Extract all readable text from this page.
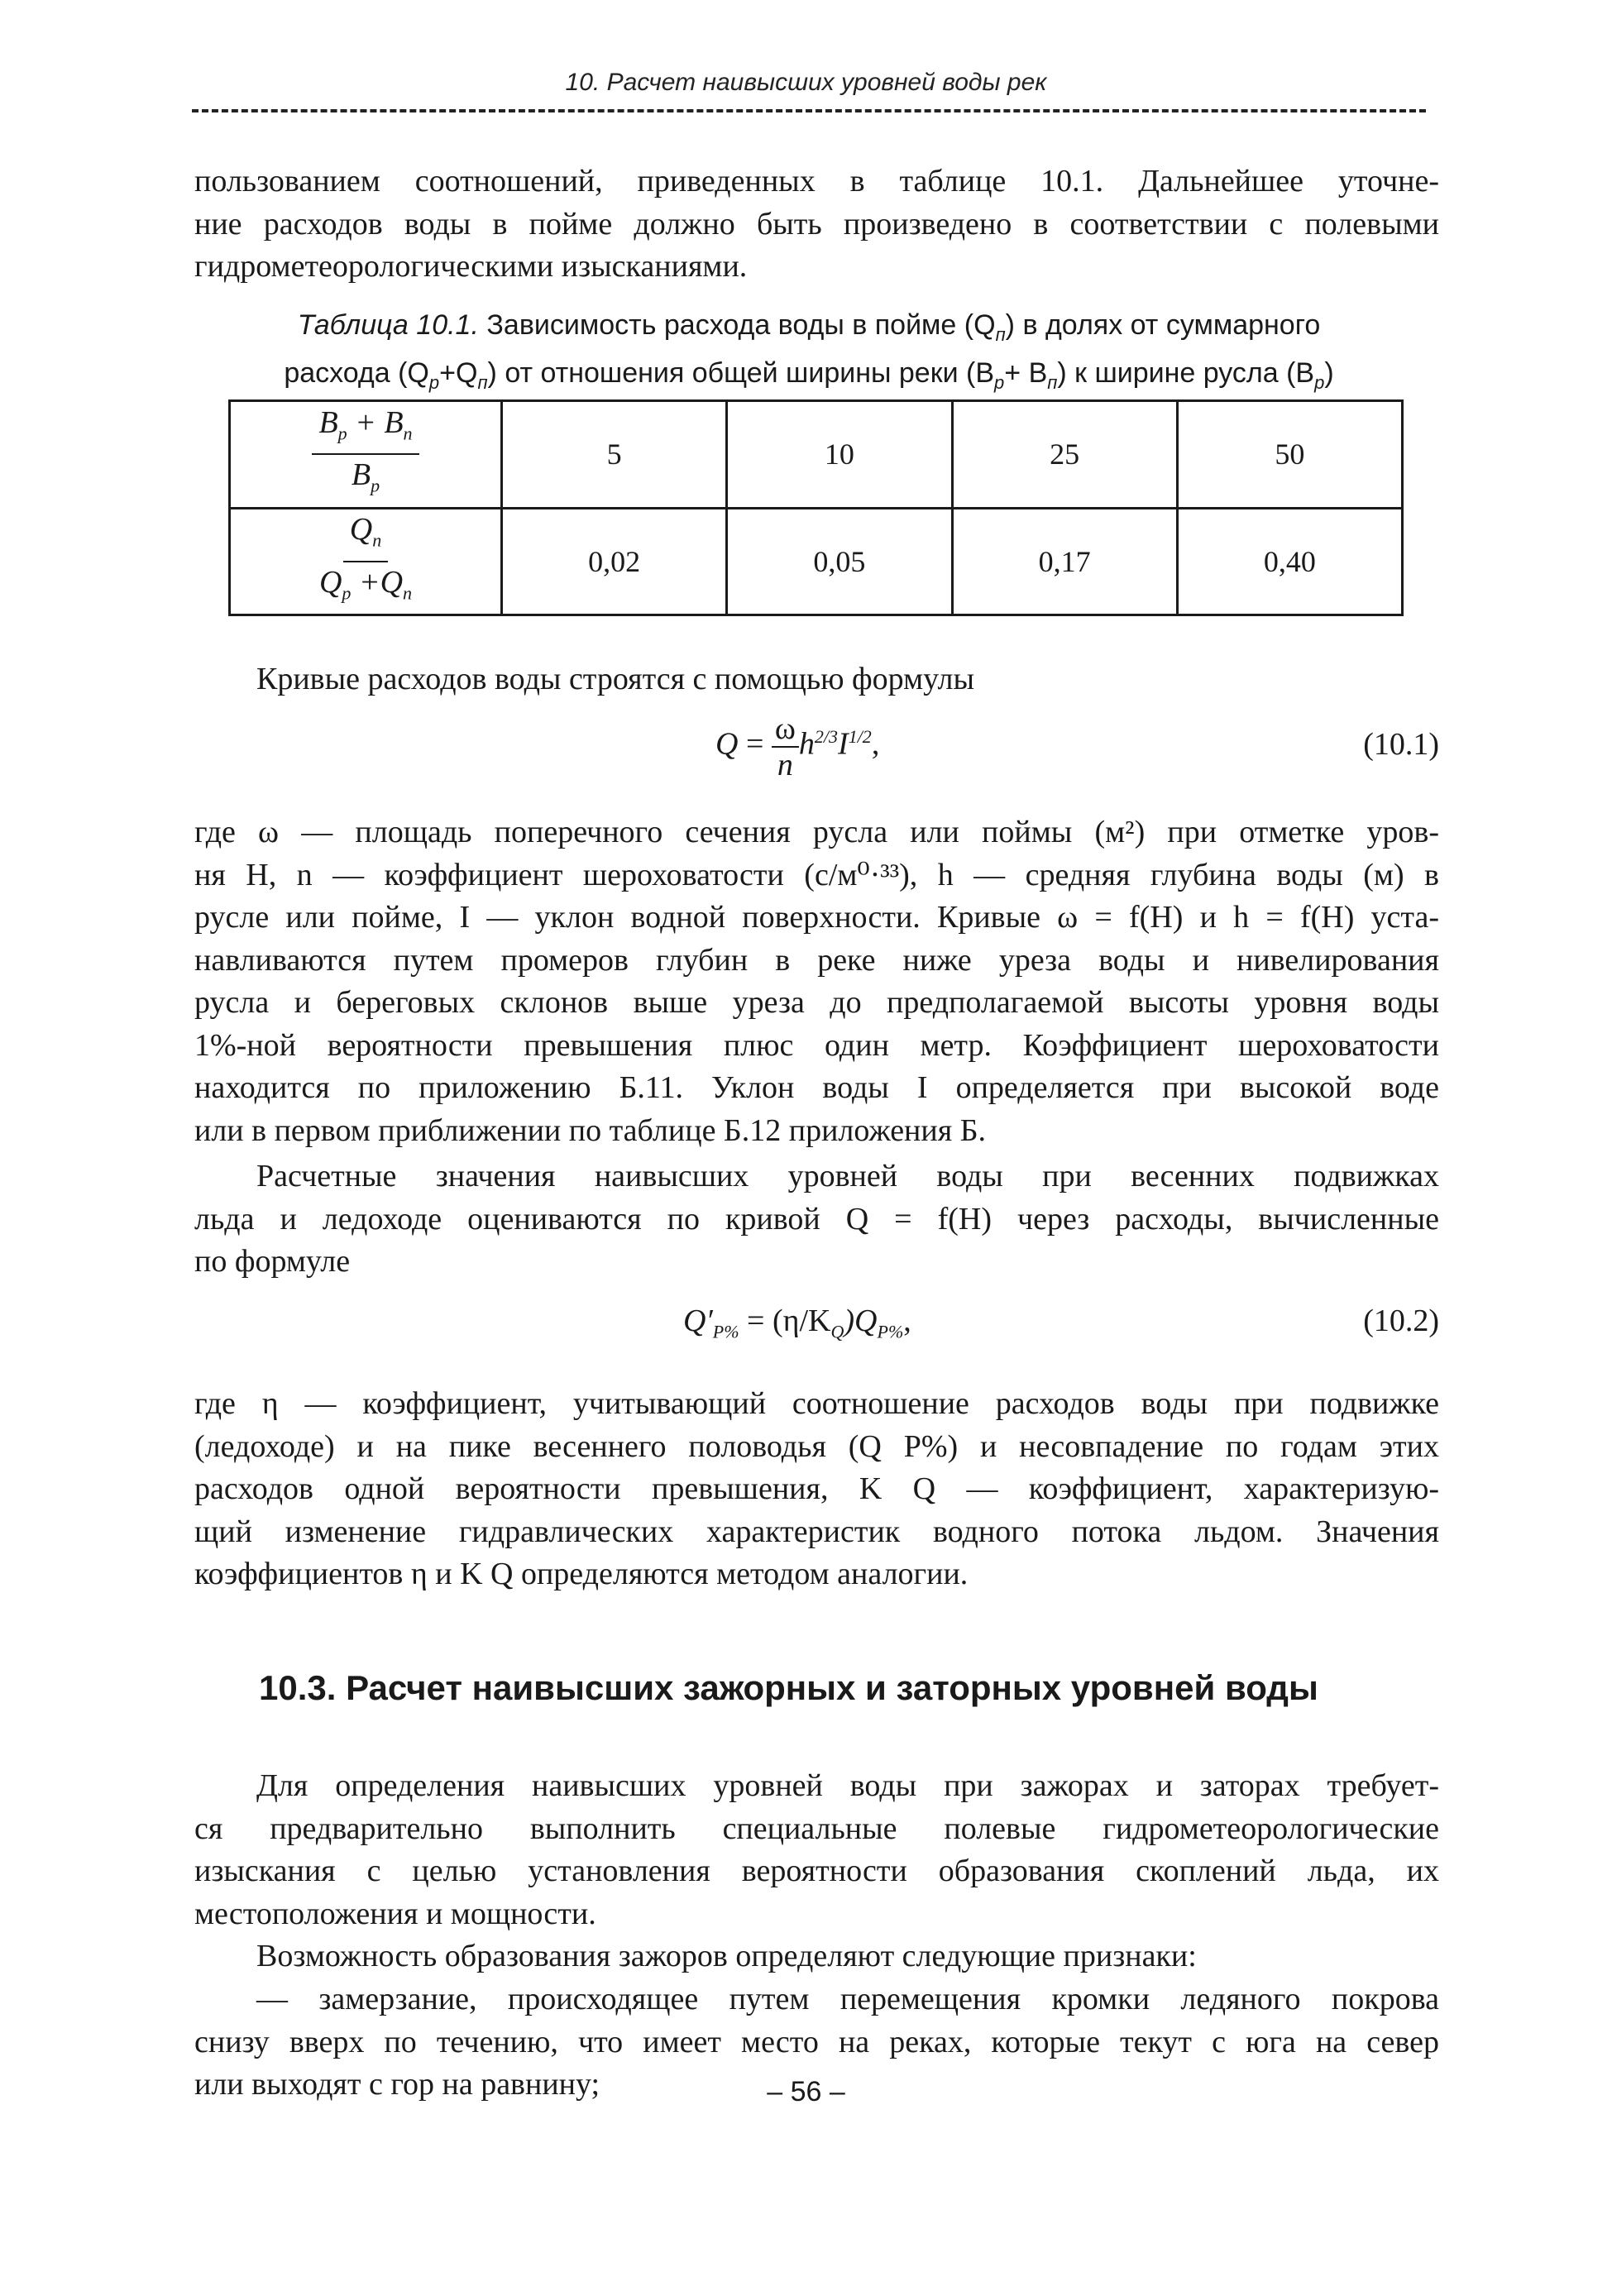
10. Расчет наивысших уровней воды рек

пользованием соотношений, приведенных в таблице 10.1. Дальнейшее уточне-

ние расходов воды в пойме должно быть произведено в соответствии с полевыми

гидрометеорологическими изысканиями.

Таблица 10.1. Зависимость расхода воды в пойме $(Q_п)$ в долях от суммарного
расхода $(Q_р+Q_п)$ от отношения общей ширины реки $(B_р+ B_п)$ к ширине русла $(B_р)$
$\frac{B_р + B_п}{B_р}$	5	10	25	50

$\frac{Q_п}{Q_р +Q_п}$	0,02	0,05	0,17	0,40
Кривые расходов воды строятся с помощью формулы
$Q = \frac{\omega}{n} h^{2/3}I^{1/2}$,	(10.1)

где ω — площадь поперечного сечения русла или поймы (м²) при отметке уров-

ня H, n — коэффициент шероховатости (с/м⁰·³³), h — средняя глубина воды (м) в

русле или пойме, I — уклон водной поверхности. Кривые ω = f(H) и h = f(H) уста-

навливаются путем промеров глубин в реке ниже уреза воды и нивелирования

русла и береговых склонов выше уреза до предполагаемой высоты уровня воды

1%-ной вероятности превышения плюс один метр. Коэффициент шероховатости

находится по приложению Б.11. Уклон воды I определяется при высокой воде

или в первом приближении по таблице Б.12 приложения Б.

Расчетные значения наивысших уровней воды при весенних подвижках

льда и ледоходе оцениваются по кривой Q = f(H) через расходы, вычисленные

по формуле

$Q'_{P\%} = (\eta/K_Q)Q_{P\%}$,	(10.2)

где η — коэффициент, учитывающий соотношение расходов воды при подвижке

(ледоходе) и на пике весеннего половодья (Q P%) и несовпадение по годам этих

расходов одной вероятности превышения, K Q — коэффициент, характеризую-

щий изменение гидравлических характеристик водного потока льдом. Значения

коэффициентов η и K Q определяются методом аналогии.

10.3. Расчет наивысших зажорных и заторных уровней воды

Для определения наивысших уровней воды при зажорах и заторах требует-

ся предварительно выполнить специальные полевые гидрометеорологические

изыскания с целью установления вероятности образования скоплений льда, их

местоположения и мощности.

Возможность образования зажоров определяют следующие признаки:

— замерзание, происходящее путем перемещения кромки ледяного покрова

снизу вверх по течению, что имеет место на реках, которые текут с юга на север

или выходят с гор на равнину;	– 56 –
